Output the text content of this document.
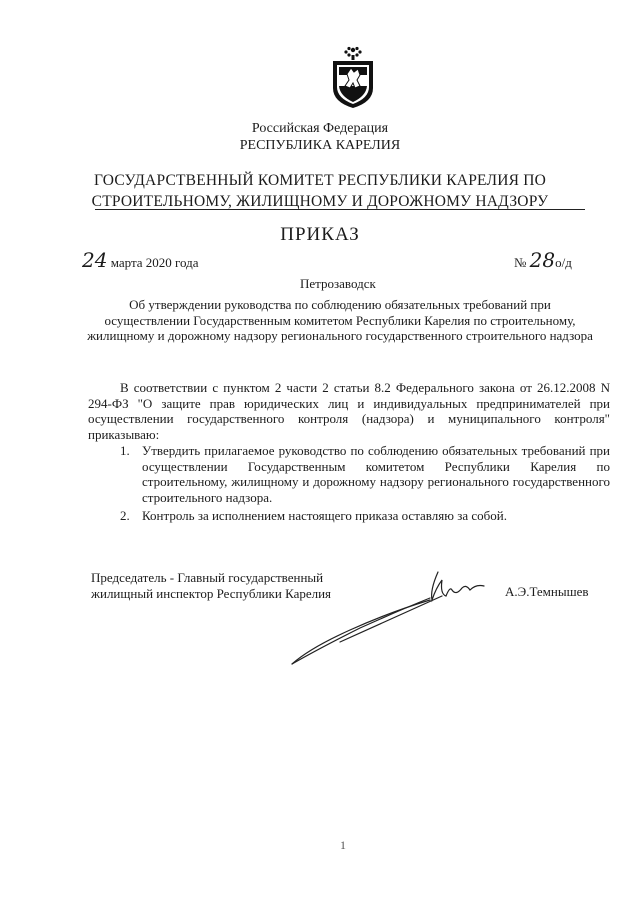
Российская Федерация
РЕСПУБЛИКА КАРЕЛИЯ
ГОСУДАРСТВЕННЫЙ КОМИТЕТ РЕСПУБЛИКИ КАРЕЛИЯ ПО
СТРОИТЕЛЬНОМУ, ЖИЛИЩНОМУ И ДОРОЖНОМУ НАДЗОРУ
ПРИКАЗ
24 марта 2020 года	№ 28о/д
Петрозаводск
Об утверждении руководства по соблюдению обязательных требований при осуществлении Государственным комитетом Республики Карелия по строительному, жилищному и дорожному надзору регионального государственного строительного надзора
В соответствии с пунктом 2 части 2 статьи 8.2 Федерального закона от 26.12.2008 N 294-ФЗ "О защите прав юридических лиц и индивидуальных предпринимателей при осуществлении государственного контроля (надзора) и муниципального контроля" приказываю:
1. Утвердить прилагаемое руководство по соблюдению обязательных требований при осуществлении Государственным комитетом Республики Карелия по строительному, жилищному и дорожному надзору регионального государственного строительного надзора.
2. Контроль за исполнением настоящего приказа оставляю за собой.
Председатель - Главный государственный
жилищный инспектор Республики Карелия	А.Э.Темнышев
1
